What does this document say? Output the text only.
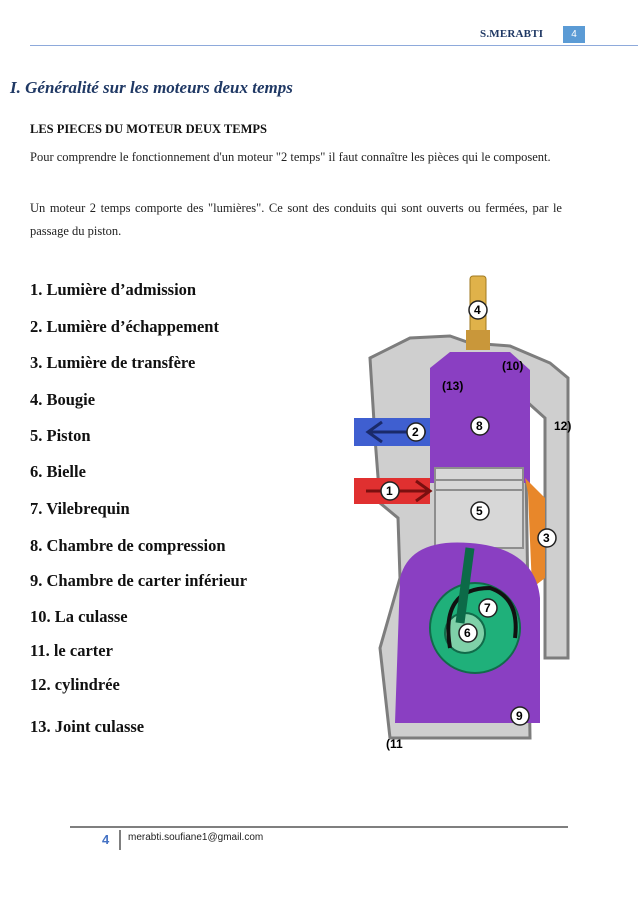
S.MERABTI	4
I. Généralité sur les moteurs deux temps
LES PIECES DU MOTEUR DEUX TEMPS
Pour comprendre le fonctionnement d'un moteur "2 temps" il faut connaître les pièces qui le composent.
Un moteur 2 temps comporte des "lumières". Ce sont des conduits qui sont ouverts ou fermées, par le passage du piston.
1. Lumière d’admission
2. Lumière d’échappement
3. Lumière de transfère
4. Bougie
5. Piston
6. Bielle
7. Vilebrequin
8. Chambre de compression
9. Chambre de carter inférieur
10. La culasse
11. le carter
12. cylindrée
13. Joint culasse
4
2
1
3
8
5
6
7
9
(10)
12)
(13)
(11
4 merabti.soufiane1@gmail.com
